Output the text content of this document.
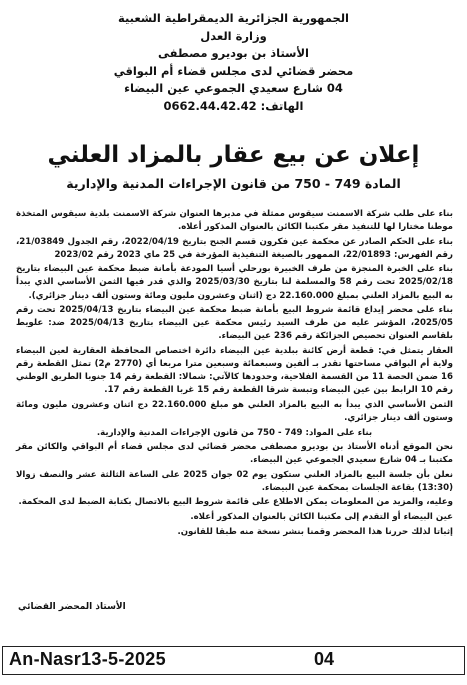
الجمهورية الجزائرية الديمقراطية الشعبية
وزارة العدل
الأستاذ بن بوديرو مصطفى
محضر قضائي لدى مجلس قضاء أم البواقي
04 شارع سعيدي الجموعي عين البيضاء
الهاتف: 0662.44.42.42
إعلان عن بيع عقار بالمزاد العلني
المادة 749 - 750 من قانون الإجراءات المدنية والإدارية

بناء على طلب شركة الاسمنت سيقوس ممثلة في مديرها العنوان شركة الاسمنت بلدية سيقوس المتخذة موطنا مختارا لها للتنفيذ مقر مكتبنا الكائن بالعنوان المذكور أعلاه.

بناء على الحكم الصادر عن محكمة عين فكرون قسم الجنح بتاريخ 2022/04/19، رقم الجدول 21/03849، رقم الفهرس: 22/01893، الممهور بالصيغة التنفيذية المؤرخة في 25 ماي 2023 رقم 2023/02

بناء على الخبرة المنجزة من طرف الخبيرة بورحلي أسيا المودعة بأمانة ضبط محكمة عين البيضاء بتاريخ 2025/02/18 تحت رقم 58 والمسلمة لنا بتاريخ 2025/03/30 والذي قدر فيها الثمن الأساسي الذي يبدأ به البيع بالمزاد العلني بمبلغ 22.160.000 دج (اثنان وعشرون مليون ومائة وستون ألف دينار جزائري).

بناء على محضر إيداع قائمة شروط البيع بأمانة ضبط محكمة عين البيضاء بتاريخ 2025/04/13 تحت رقم 2025/05، المؤشر عليه من طرف السيد رئيس محكمة عين البيضاء بتاريخ 2025/04/13 ضد: علويط بلقاسم العنوان تحصيص الجزائكة رقم 236 عين البيضاء.

العقار يتمثل في: قطعة أرض كائنة ببلدية عين البيضاء دائرة اختصاص المحافظة العقارية لعين البيضاء ولاية أم البواقي مساحتها تقدر بـ ألفين وسبعمائة وسبعين مترا مربعا أي (2770 م2) تمثل القطعة رقم 16 ضمن الحصة 11 من القسمة الفلاحية، وحدودها كالآتي: شمالا: القطعة رقم 14 جنوبا الطريق الوطني رقم 10 الرابط بين عين البيضاء وتبسة شرقا القطعة رقم 15 غربا القطعة رقم 17.

الثمن الأساسي الذي يبدأ به البيع بالمزاد العلني هو مبلغ 22.160.000 دج اثنان وعشرون مليون ومائة وستون ألف دينار جزائري.

بناء على المواد: 749 - 750 من قانون الإجراءات المدنية والإدارية.

نحن الموقع أدناه الأستاذ بن بوديرو مصطفى محضر قضائي لدى مجلس قضاء أم البواقي والكائن مقر مكتبنا بـ 04 شارع سعيدي الجموعي عين البيضاء.

نعلن بأن جلسة البيع بالمزاد العلني ستكون يوم 02 جوان 2025 على الساعة الثالثة عشر والنصف زوالا (13:30) بقاعة الجلسات بمحكمة عين البيضاء.

وعليه، والمزيد من المعلومات يمكن الاطلاع على قائمة شروط البيع بالاتصال بكتابة الضبط لدى المحكمة.

عين البيضاء أو التقدم إلى مكتبنا الكائن بالعنوان المذكور أعلاه.

إثباتا لذلك حررنا هذا المحضر وقمنا بنشر نسخة منه طبقا للقانون.

الأستاذ المحضر القضائي
An-Nasr13-5-2025	04
